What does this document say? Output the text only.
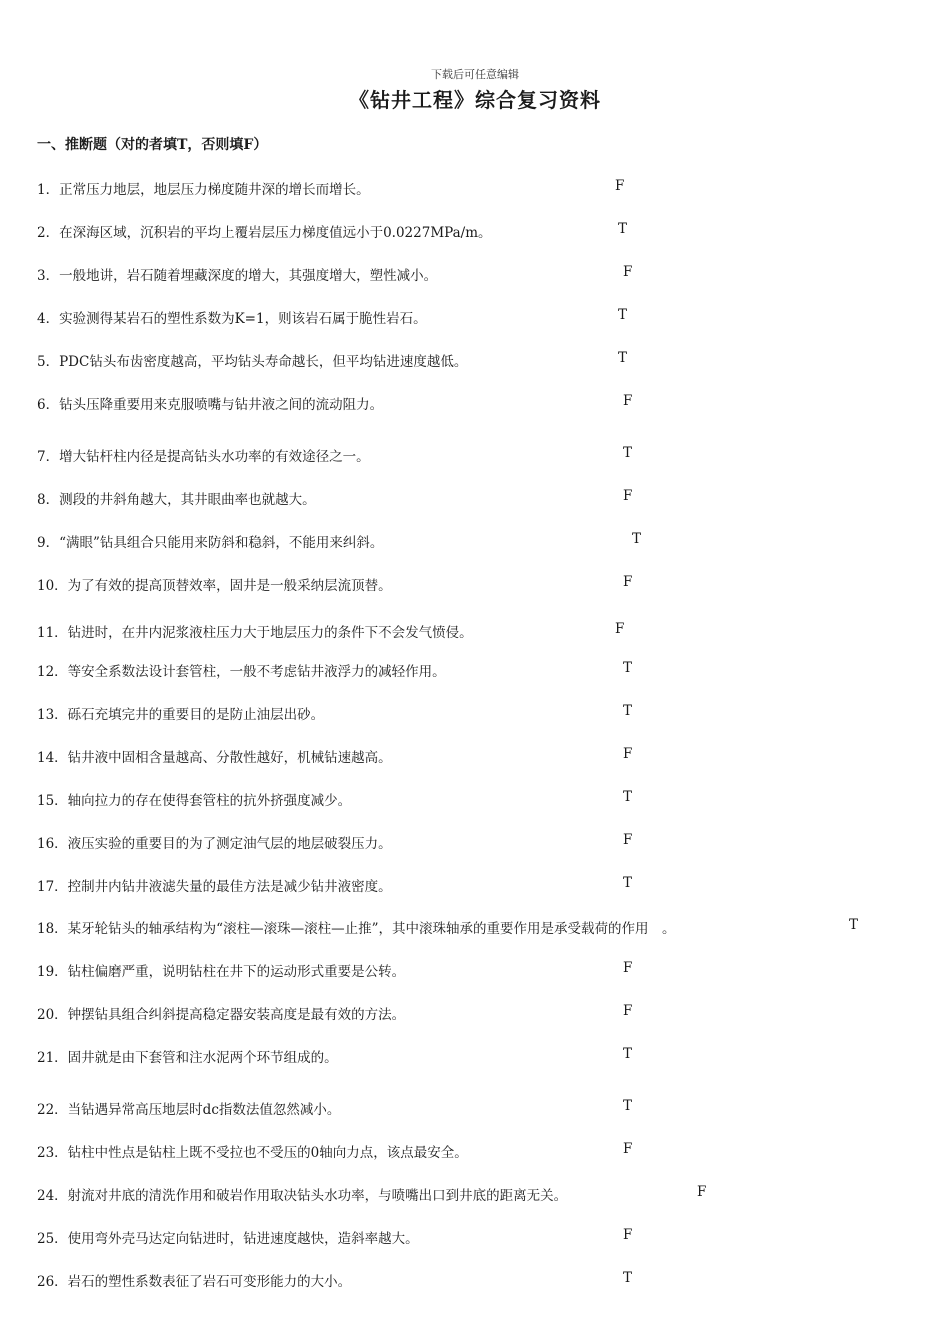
下载后可任意编辑
《钻井工程》综合复习资料
一、推断题（对的者填T，否则填F）
1．正常压力地层，地层压力梯度随井深的增长而增长。	F
2．在深海区域，沉积岩的平均上覆岩层压力梯度值远小于0.0227MPa/m。	T
3．一般地讲，岩石随着埋藏深度的增大，其强度增大，塑性减小。	F
4．实验测得某岩石的塑性系数为K=1，则该岩石属于脆性岩石。	T
5．PDC钻头布齿密度越高，平均钻头寿命越长，但平均钻进速度越低。	T
6．钻头压降重要用来克服喷嘴与钻井液之间的流动阻力。	F
7．增大钻杆柱内径是提高钻头水功率的有效途径之一。	T
8．测段的井斜角越大，其井眼曲率也就越大。	F
9．“满眼”钻具组合只能用来防斜和稳斜，不能用来纠斜。	T
10．为了有效的提高顶替效率，固井是一般采纳层流顶替。	F
11．钻进时，在井内泥浆液柱压力大于地层压力的条件下不会发气愤侵。	F
12．等安全系数法设计套管柱，一般不考虑钻井液浮力的减轻作用。	T
13．砾石充填完井的重要目的是防止油层出砂。	T
14．钻井液中固相含量越高、分散性越好，机械钻速越高。	F
15．轴向拉力的存在使得套管柱的抗外挤强度减少。	T
16．液压实验的重要目的为了测定油气层的地层破裂压力。	F
17．控制井内钻井液滤失量的最佳方法是减少钻井液密度。	T
18．某牙轮钻头的轴承结构为“滚柱—滚珠—滚柱—止推”，其中滚珠轴承的重要作用是承受载荷的作用　。	T
19．钻柱偏磨严重，说明钻柱在井下的运动形式重要是公转。	F
20．钟摆钻具组合纠斜提高稳定器安装高度是最有效的方法。	F
21．固井就是由下套管和注水泥两个环节组成的。	T
22．当钻遇异常高压地层时dc指数法值忽然减小。	T
23．钻柱中性点是钻柱上既不受拉也不受压的0轴向力点，该点最安全。	F
24．射流对井底的清洗作用和破岩作用取决钻头水功率，与喷嘴出口到井底的距离无关。	F
25．使用弯外壳马达定向钻进时，钻进速度越快，造斜率越大。	F
26．岩石的塑性系数表征了岩石可变形能力的大小。	T
